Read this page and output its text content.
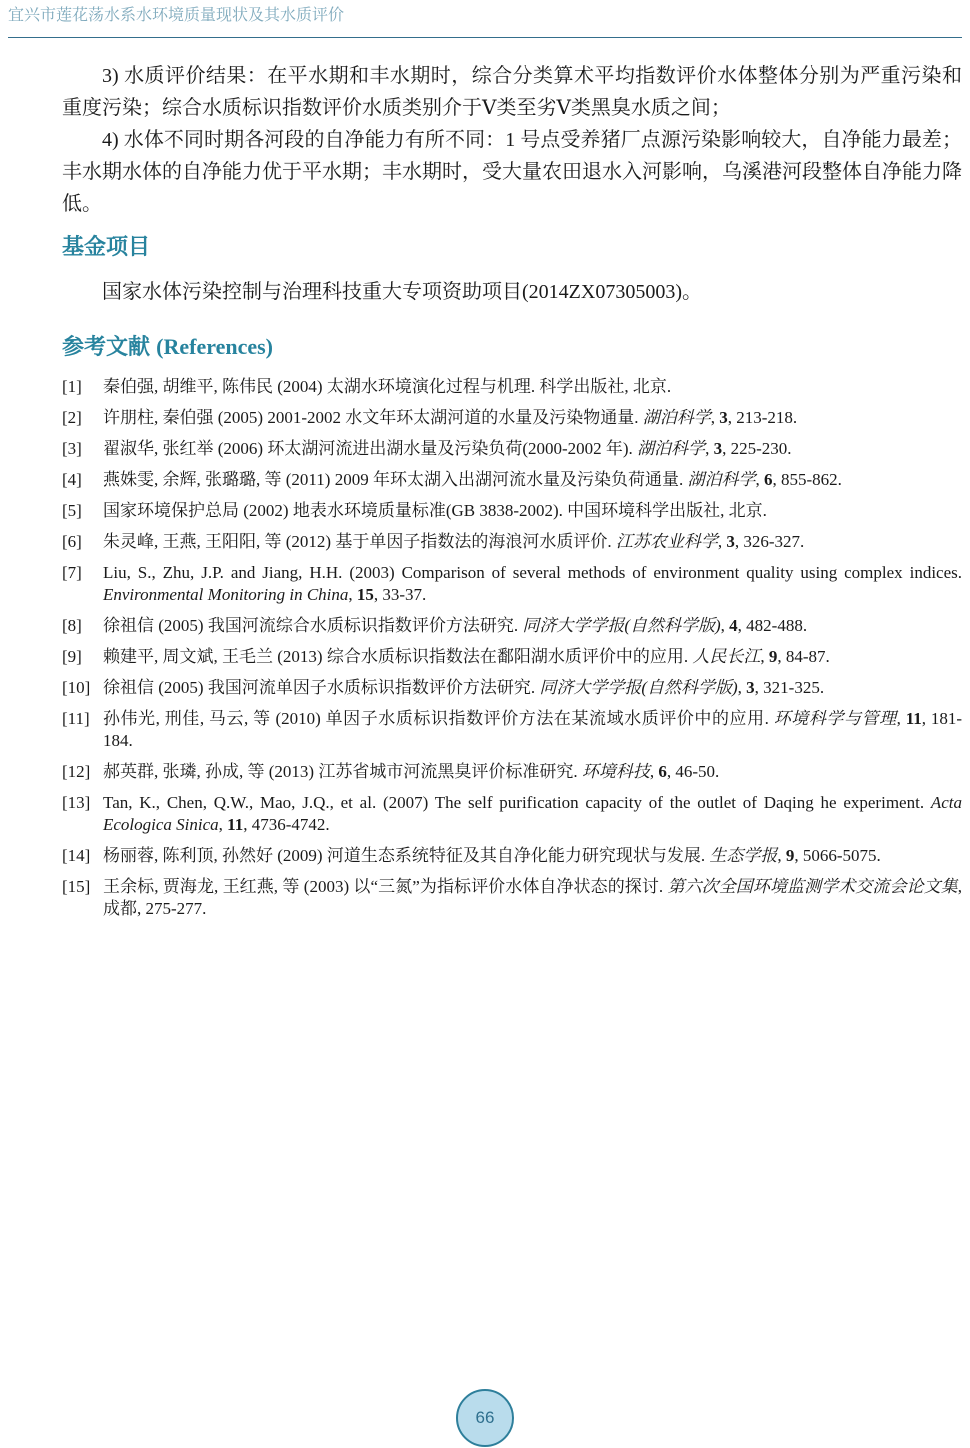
宜兴市莲花荡水系水环境质量现状及其水质评价

3) 水质评价结果：在平水期和丰水期时，综合分类算术平均指数评价水体整体分别为严重污染和重度污染；综合水质标识指数评价水质类别介于Ⅴ类至劣Ⅴ类黑臭水质之间；

4) 水体不同时期各河段的自净能力有所不同：1 号点受养猪厂点源污染影响较大，自净能力最差；丰水期水体的自净能力优于平水期；丰水期时，受大量农田退水入河影响，乌溪港河段整体自净能力降低。

基金项目

国家水体污染控制与治理科技重大专项资助项目(2014ZX07305003)。

参考文献 (References)
[1] 秦伯强, 胡维平, 陈伟民 (2004) 太湖水环境演化过程与机理. 科学出版社, 北京.
[2] 许朋柱, 秦伯强 (2005) 2001-2002 水文年环太湖河道的水量及污染物通量. 湖泊科学, 3, 213-218.
[3] 翟淑华, 张红举 (2006) 环太湖河流进出湖水量及污染负荷(2000-2002 年). 湖泊科学, 3, 225-230.
[4] 燕姝雯, 余辉, 张璐璐, 等 (2011) 2009 年环太湖入出湖河流水量及污染负荷通量. 湖泊科学, 6, 855-862.
[5] 国家环境保护总局 (2002) 地表水环境质量标准(GB 3838-2002). 中国环境科学出版社, 北京.
[6] 朱灵峰, 王燕, 王阳阳, 等 (2012) 基于单因子指数法的海浪河水质评价. 江苏农业科学, 3, 326-327.
[7] Liu, S., Zhu, J.P. and Jiang, H.H. (2003) Comparison of several methods of environment quality using complex indices. Environmental Monitoring in China, 15, 33-37.
[8] 徐祖信 (2005) 我国河流综合水质标识指数评价方法研究. 同济大学学报(自然科学版), 4, 482-488.
[9] 赖建平, 周文斌, 王毛兰 (2013) 综合水质标识指数法在鄱阳湖水质评价中的应用. 人民长江, 9, 84-87.
[10] 徐祖信 (2005) 我国河流单因子水质标识指数评价方法研究. 同济大学学报(自然科学版), 3, 321-325.
[11] 孙伟光, 刑佳, 马云, 等 (2010) 单因子水质标识指数评价方法在某流域水质评价中的应用. 环境科学与管理, 11, 181-184.
[12] 郝英群, 张璘, 孙成, 等 (2013) 江苏省城市河流黑臭评价标准研究. 环境科技, 6, 46-50.
[13] Tan, K., Chen, Q.W., Mao, J.Q., et al. (2007) The self purification capacity of the outlet of Daqing he experiment. Acta Ecologica Sinica, 11, 4736-4742.
[14] 杨丽蓉, 陈利顶, 孙然好 (2009) 河道生态系统特征及其自净化能力研究现状与发展. 生态学报, 9, 5066-5075.
[15] 王余标, 贾海龙, 王红燕, 等 (2003) 以“三氮”为指标评价水体自净状态的探讨. 第六次全国环境监测学术交流会论文集, 成都, 275-277.
66
